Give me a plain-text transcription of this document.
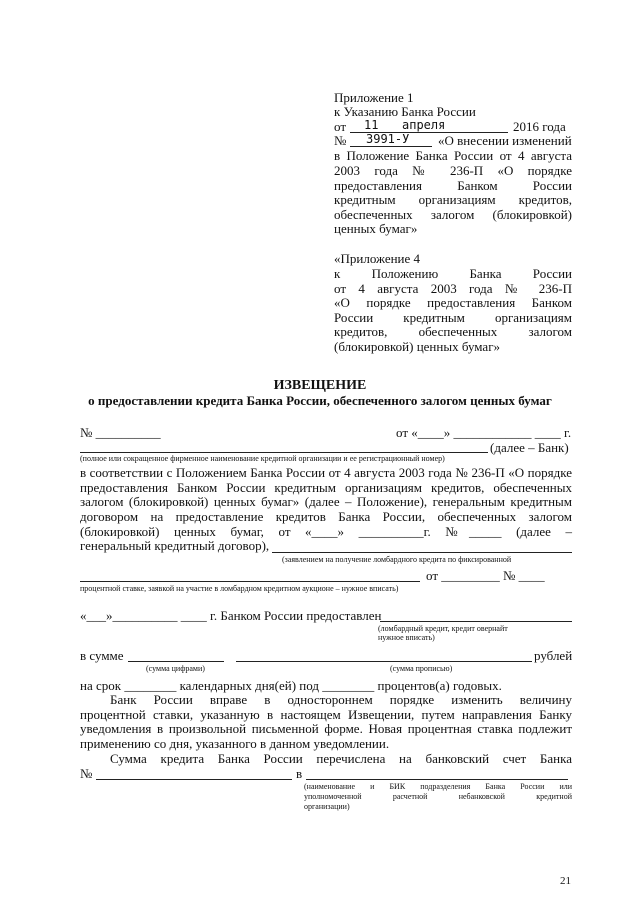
Приложение 1
к Указанию Банка России
от 11 апреля	2016 года
№ 3991-У «О внесении изменений
в Положение Банка России от 4 августа
2003 года № 236-П «О порядке
предоставления Банком России
кредитным организациям кредитов,
обеспеченных залогом (блокировкой)
ценных бумаг»
«Приложение 4
к Положению Банка России
от 4 августа 2003 года № 236-П
«О порядке предоставления Банком
России кредитным организациям
кредитов, обеспеченных залогом
(блокировкой) ценных бумаг»
ИЗВЕЩЕНИЕ
о предоставлении кредита Банка России, обеспеченного залогом ценных бумаг
№ __________	от «____» ____________ ____ г.
(далее – Банк)
(полное или сокращенное фирменное наименование кредитной организации и ее регистрационный номер)
в соответствии с Положением Банка России от 4 августа 2003 года № 236-П «О порядке
предоставления Банком России кредитным организациям кредитов, обеспеченных
залогом (блокировкой) ценных бумаг» (далее – Положение), генеральным кредитным
договором на предоставление кредитов Банка России, обеспеченных залогом
(блокировкой) ценных бумаг, от «____» __________г. №_____ (далее –
генеральный кредитный договор),
(заявлением на получение ломбардного кредита по фиксированной
от _________ № ____
процентной ставке, заявкой на участие в ломбардном кредитном аукционе – нужное вписать)
«___»__________ ____ г. Банком России предоставлен
(ломбардный кредит, кредит овернайт
нужное вписать)
в сумме	рублей
(сумма цифрами)	(сумма прописью)
на срок ________ календарных дня(ей) под ________ процентов(а) годовых.
Банк России вправе в одностороннем порядке изменить величину
процентной ставки, указанную в настоящем Извещении, путем направления Банку
уведомления в произвольной письменной форме. Новая процентная ставка подлежит
применению со дня, указанного в данном уведомлении.
Сумма кредита Банка России перечислена на банковский счет Банка
№	в
(наименование и БИК подразделения Банка России или
уполномоченной расчетной небанковской кредитной
организации)
21
